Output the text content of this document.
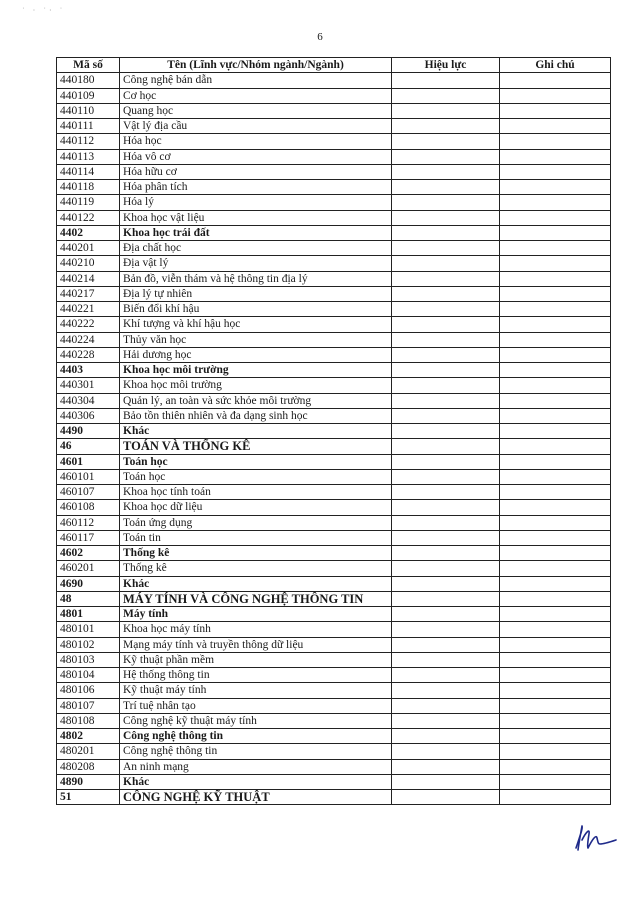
˙ · ˙· ˙
6
Mã số	Tên (Lĩnh vực/Nhóm ngành/Ngành)	Hiệu lực	Ghi chú
440180	Công nghệ bán dẫn		
440109	Cơ học		
440110	Quang học		
440111	Vật lý địa cầu		
440112	Hóa học		
440113	Hóa vô cơ		
440114	Hóa hữu cơ		
440118	Hóa phân tích		
440119	Hóa lý		
440122	Khoa học vật liệu		
4402	Khoa học trái đất		
440201	Địa chất học		
440210	Địa vật lý		
440214	Bản đồ, viễn thám và hệ thông tin địa lý		
440217	Địa lý tự nhiên		
440221	Biến đổi khí hậu		
440222	Khí tượng và khí hậu học		
440224	Thủy văn học		
440228	Hải dương học		
4403	Khoa học môi trường		
440301	Khoa học môi trường		
440304	Quản lý, an toàn và sức khỏe môi trường		
440306	Bảo tồn thiên nhiên và đa dạng sinh học		
4490	Khác		
46	TOÁN VÀ THỐNG KÊ		
4601	Toán học		
460101	Toán học		
460107	Khoa học tính toán		
460108	Khoa học dữ liệu		
460112	Toán ứng dụng		
460117	Toán tin		
4602	Thống kê		
460201	Thống kê		
4690	Khác		
48	MÁY TÍNH VÀ CÔNG NGHỆ THÔNG TIN		
4801	Máy tính		
480101	Khoa học máy tính		
480102	Mạng máy tính và truyền thông dữ liệu		
480103	Kỹ thuật phần mềm		
480104	Hệ thống thông tin		
480106	Kỹ thuật máy tính		
480107	Trí tuệ nhân tạo		
480108	Công nghệ kỹ thuật máy tính		
4802	Công nghệ thông tin		
480201	Công nghệ thông tin		
480208	An ninh mạng		
4890	Khác		
51	CÔNG NGHỆ KỸ THUẬT		
